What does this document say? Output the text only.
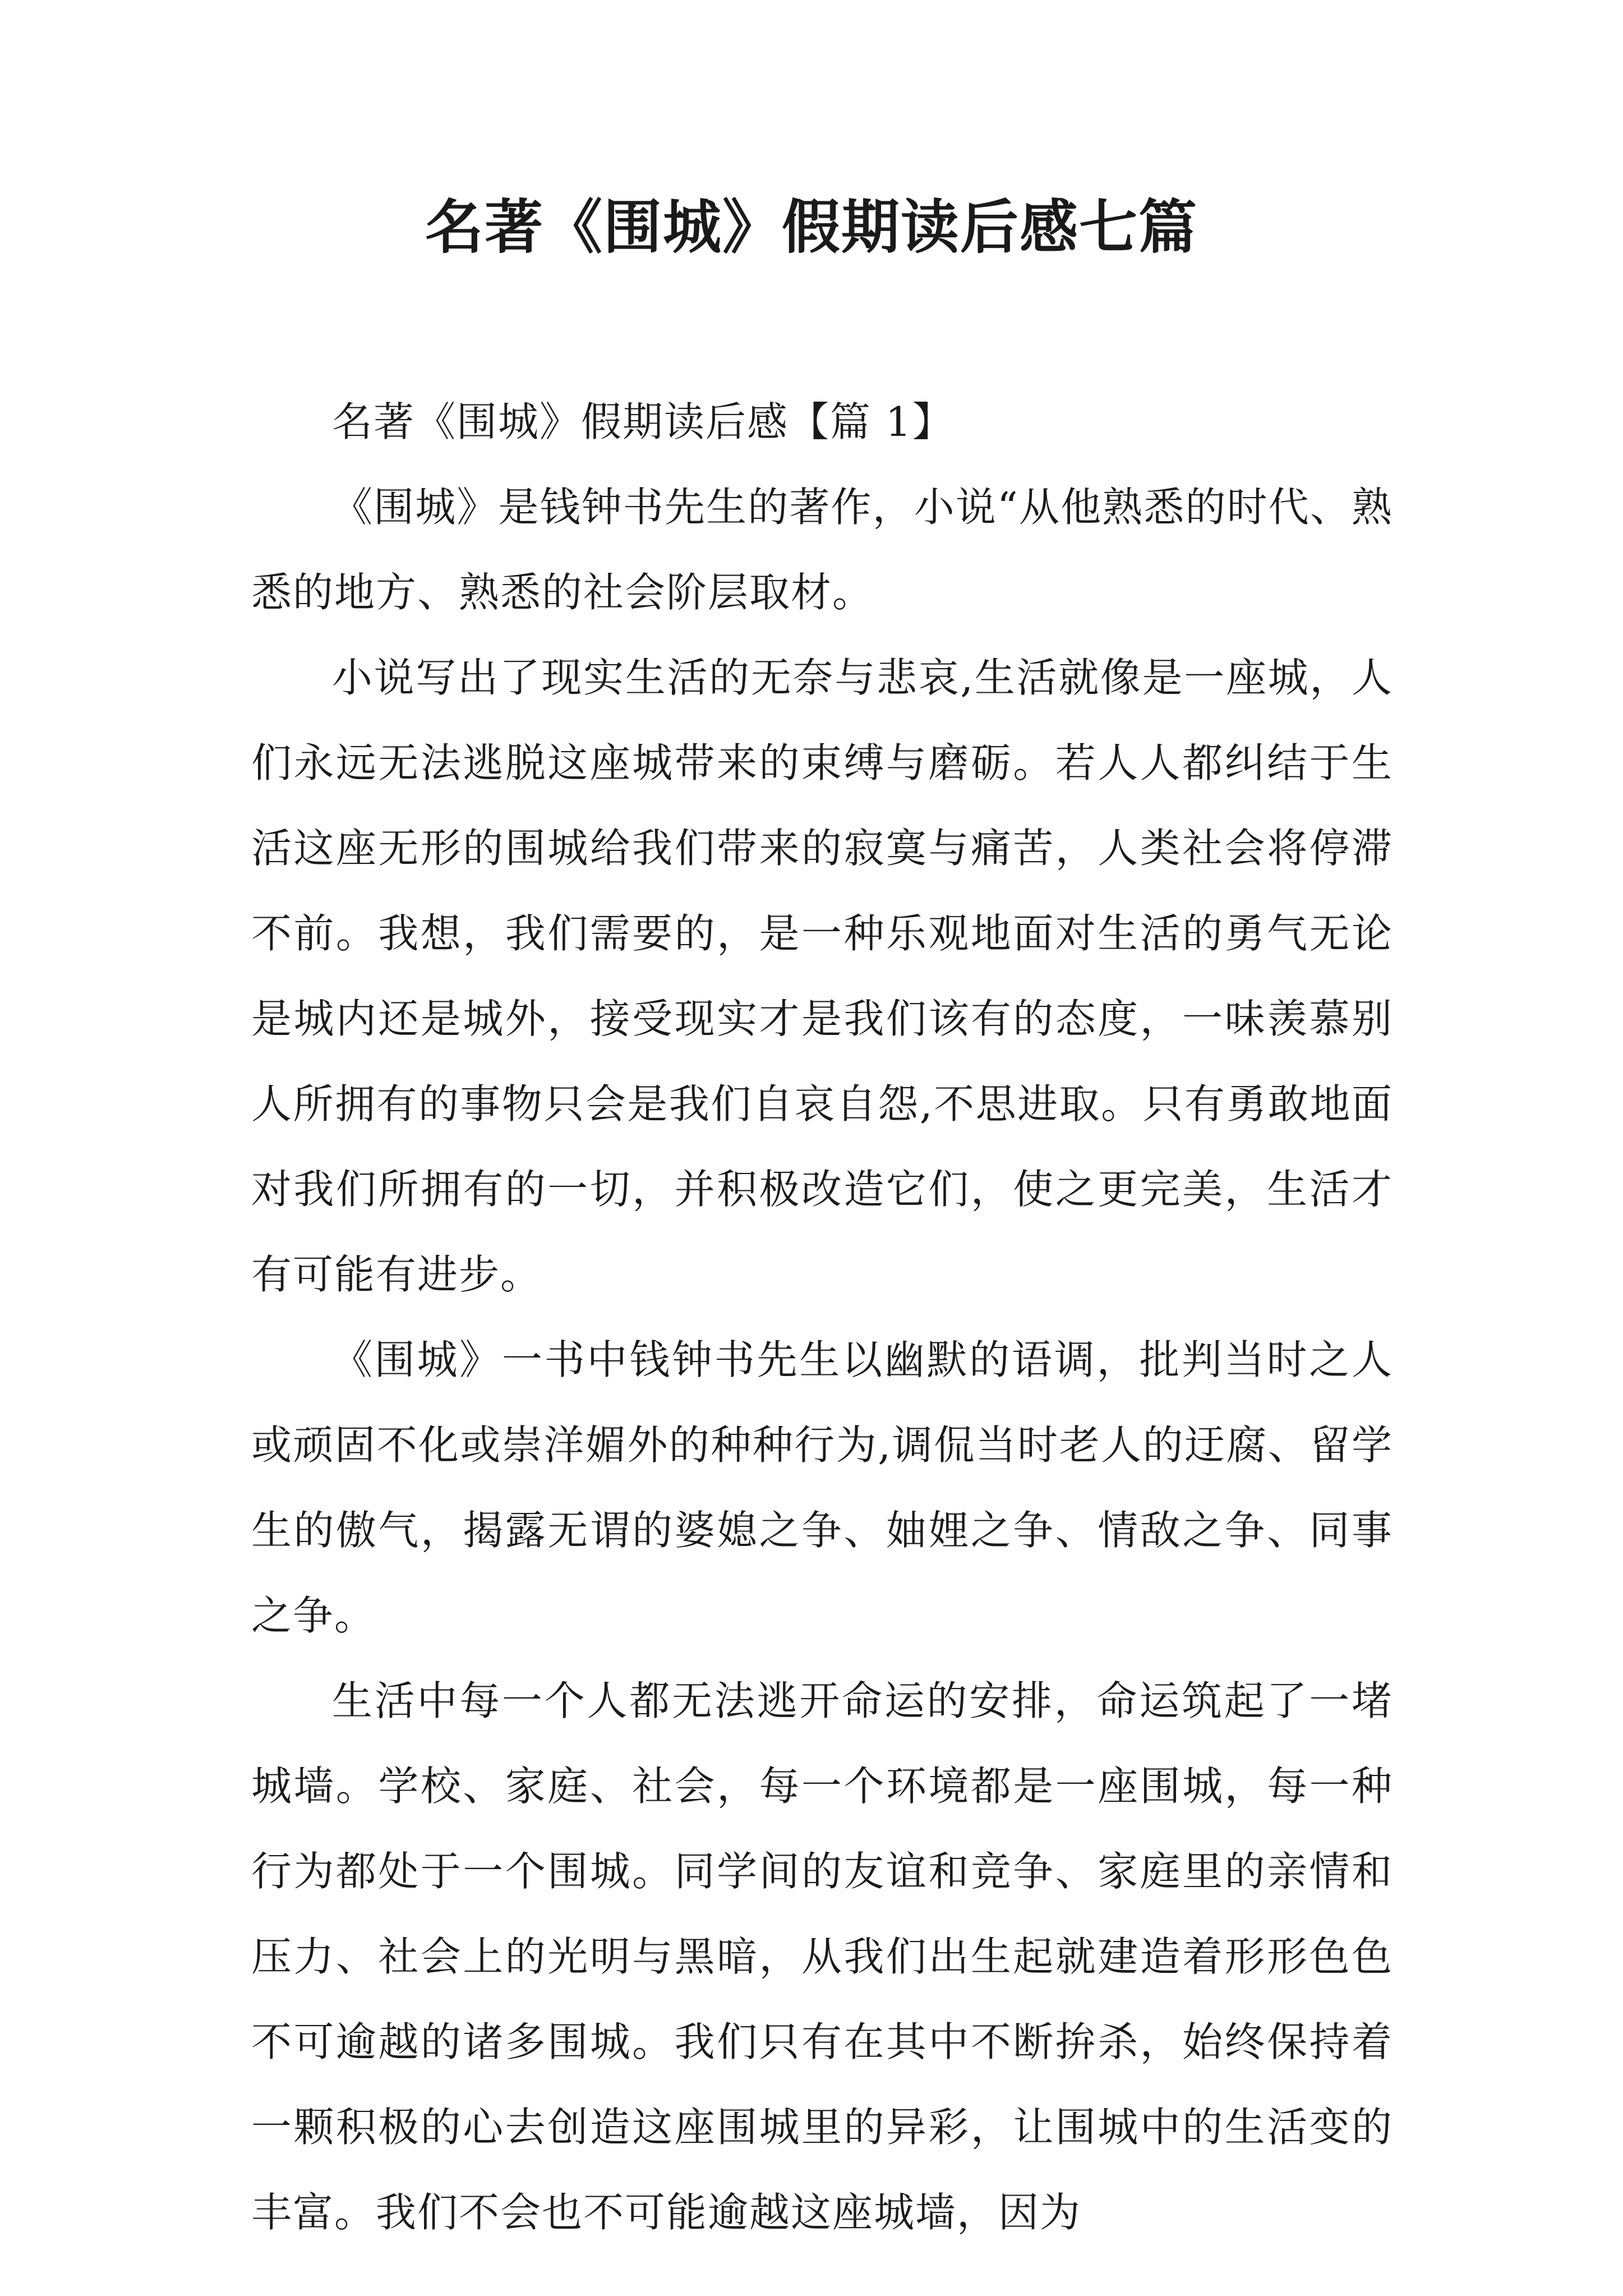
名著《围城》假期读后感七篇

名著《围城》假期读后感【篇 1】

《围城》是钱钟书先生的著作，小说“从他熟悉的时代、熟悉的地方、熟悉的社会阶层取材。

小说写出了现实生活的无奈与悲哀,生活就像是一座城，人们永远无法逃脱这座城带来的束缚与磨砺。若人人都纠结于生活这座无形的围城给我们带来的寂寞与痛苦，人类社会将停滞不前。我想，我们需要的，是一种乐观地面对生活的勇气无论是城内还是城外，接受现实才是我们该有的态度，一味羡慕别人所拥有的事物只会是我们自哀自怨,不思进取。只有勇敢地面对我们所拥有的一切，并积极改造它们，使之更完美，生活才有可能有进步。

《围城》一书中钱钟书先生以幽默的语调，批判当时之人或顽固不化或崇洋媚外的种种行为,调侃当时老人的迂腐、留学生的傲气，揭露无谓的婆媳之争、妯娌之争、情敌之争、同事之争。

生活中每一个人都无法逃开命运的安排，命运筑起了一堵城墙。学校、家庭、社会，每一个环境都是一座围城，每一种行为都处于一个围城。同学间的友谊和竞争、家庭里的亲情和压力、社会上的光明与黑暗，从我们出生起就建造着形形色色不可逾越的诸多围城。我们只有在其中不断拚杀，始终保持着一颗积极的心去创造这座围城里的异彩，让围城中的生活变的丰富。我们不会也不可能逾越这座城墙，因为
